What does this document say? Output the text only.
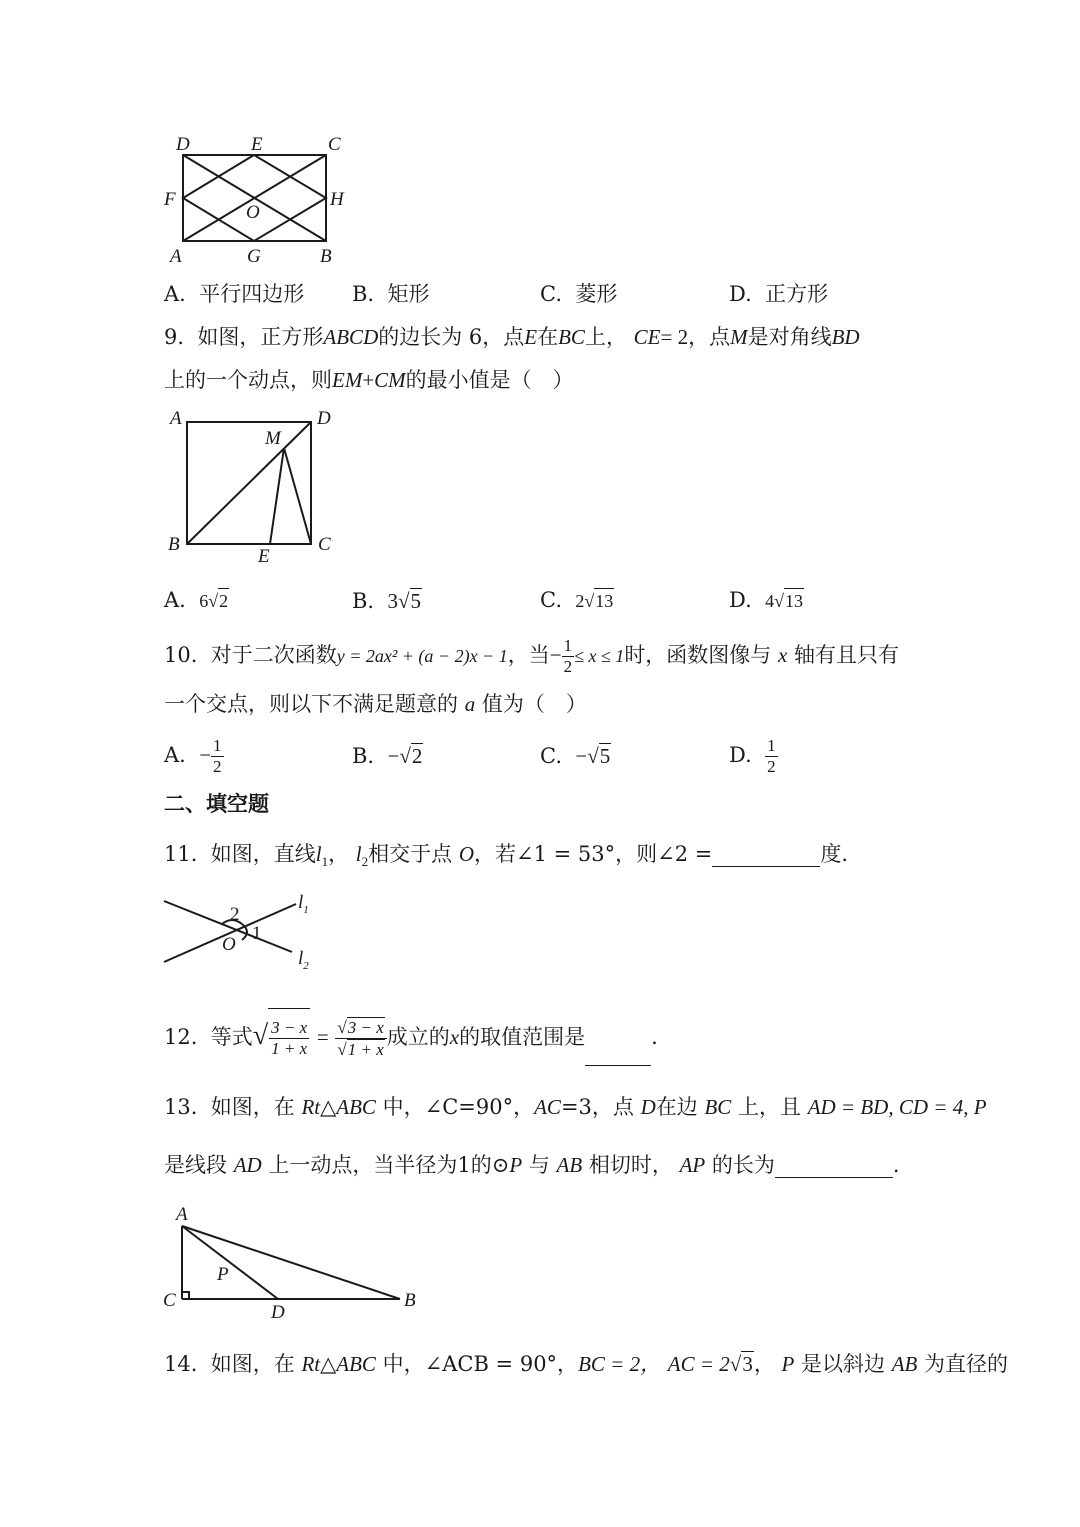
D	E	C
F	H
O
A	G	B
A. 平行四边形 B. 矩形	C. 菱形	D. 正方形
9. 如图，正方形ABCD的边长为 6，点E在BC上， CE= 2，点M是对角线BD
上的一个动点，则EM+CM的最小值是（　）
A	D
M
B
E
C
A. 6√2	B. 3√5	C. 2√13	D. 4√13
10. 对于二次函数y = 2ax² + (a − 2)x − 1，当− $\frac{1}{2} \le x \le 1$时，函数图像与 x 轴有且只有
一个交点，则以下不满足题意的 a 值为（　）
A. − $\frac{1}{2}$	B. −√2	C. −√5	D. $\frac{1}{2}$
二、填空题
11. 如图，直线$l_1$， $l_2$相交于点 O，若∠1 = 53°，则∠2 =	度.
2
1
O
$l_1$
$l_2$
12. 等式√ $\frac{3 - x}{1 + x} = \frac{√3 - x}{√1 + x}$ 成立的x的取值范围是	.
13. 如图，在 Rt△ABC 中，∠C=90°，AC=3，点 D在边 BC 上，且 AD = BD, CD = 4, P
是线段 AD 上一动点，当半径为1的⊙P 与 AB 相切时， AP 的长为	.
A
P
C
D
B
14. 如图，在 Rt△ABC 中，∠ACB = 90°，BC = 2， AC = 2√3， P 是以斜边 AB 为直径的
